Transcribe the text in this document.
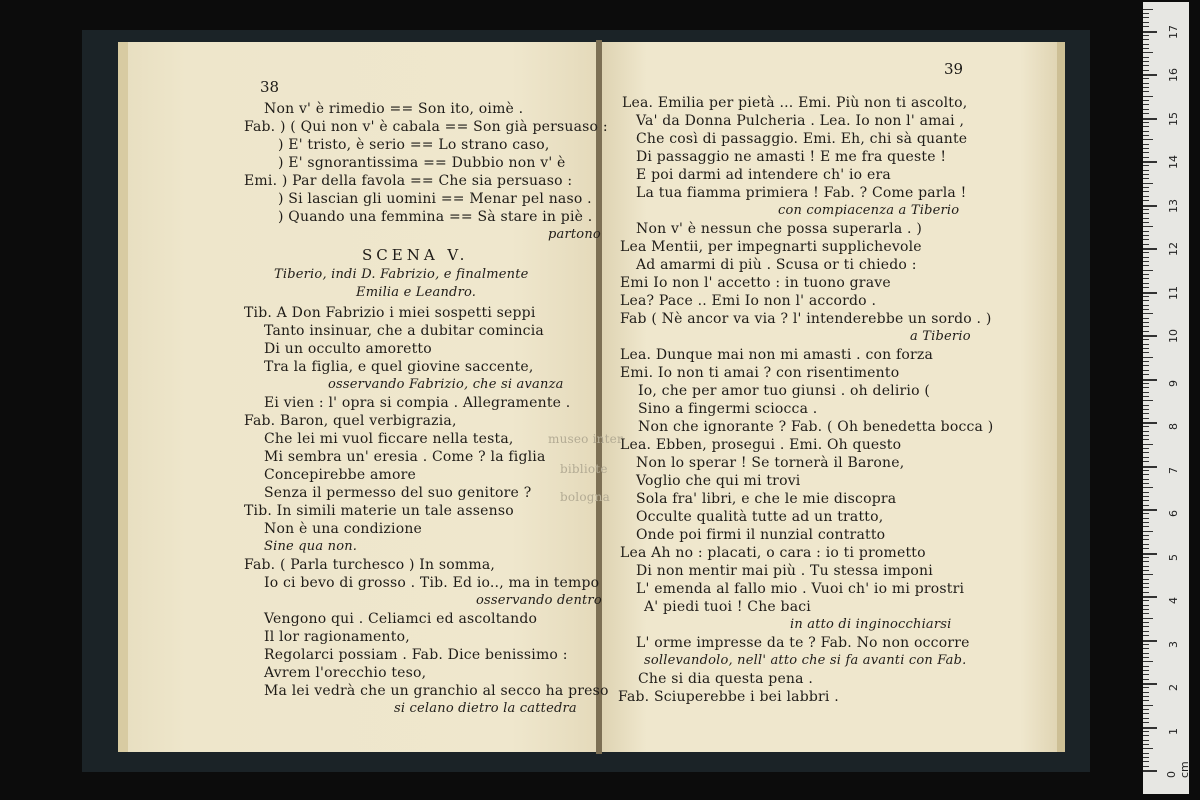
38
39
Non v' è rimedio == Son ito, oimè .
Fab. ) ( Qui non v' è cabala == Son già persuaso :
) E' tristo, è serio == Lo strano caso,
) E' sgnorantissima == Dubbio non v' è
Emi. ) Par della favola == Che sia persuaso :
) Si lascian gli uomini == Menar pel naso .
) Quando una femmina == Sà stare in piè .
partono
SCENA V.
Tiberio, indi D. Fabrizio, e finalmente
Emilia e Leandro.
Tib. A Don Fabrizio i miei sospetti seppi
Tanto insinuar, che a dubitar comincia
Di un occulto amoretto
Tra la figlia, e quel giovine saccente,
osservando Fabrizio, che si avanza
Ei vien : l' opra si compia . Allegramente .
Fab. Baron, quel verbigrazia,
Che lei mi vuol ficcare nella testa,
Mi sembra un' eresia . Come ? la figlia
Concepirebbe amore
Senza il permesso del suo genitore ?
Tib. In simili materie un tale assenso
Non è una condizione
Sine qua non.
Fab. ( Parla turchesco ) In somma,
Io ci bevo di grosso . Tib. Ed io.., ma in tempo
osservando dentro
Vengono qui . Celiamci ed ascoltando
Il lor ragionamento,
Regolarci possiam . Fab. Dice benissimo :
Avrem l'orecchio teso,
Ma lei vedrà che un granchio al secco ha preso
si celano dietro la cattedra
Lea. Emilia per pietà ... Emi. Più non ti ascolto,
Va' da Donna Pulcheria . Lea. Io non l' amai ,
Che così di passaggio. Emi. Eh, chi sà quante
Di passaggio ne amasti ! E me fra queste !
E poi darmi ad intendere ch' io era
La tua fiamma primiera ! Fab. ? Come parla !
con compiacenza a Tiberio
Non v' è nessun che possa superarla . )
Lea Mentii, per impegnarti supplichevole
Ad amarmi di più . Scusa or ti chiedo :
Emi Io non l' accetto : in tuono grave
Lea? Pace .. Emi Io non l' accordo .
Fab ( Nè ancor va via ? l' intenderebbe un sordo . )
a Tiberio
Lea. Dunque mai non mi amasti . con forza
Emi. Io non ti amai ? con risentimento
Io, che per amor tuo giunsi . oh delirio (
Sino a fingermi sciocca .
Non che ignorante ? Fab. ( Oh benedetta bocca )
Lea. Ebben, prosegui . Emi. Oh questo
Non lo sperar ! Se tornerà il Barone,
Voglio che qui mi trovi
Sola fra' libri, e che le mie discopra
Occulte qualità tutte ad un tratto,
Onde poi firmi il nunzial contratto
Lea Ah no : placati, o cara : io ti prometto
Di non mentir mai più . Tu stessa imponi
L' emenda al fallo mio . Vuoi ch' io mi prostri
A' piedi tuoi ! Che baci
in atto di inginocchiarsi
L' orme impresse da te ? Fab. No non occorre
sollevandolo, nell' atto che si fa avanti con Fab.
Che si dia questa pena .
Fab. Sciuperebbe i bei labbri .
museo inter
bibliote
bologna
0 cm
1
2
3
4
5
6
7
8
9
10
11
12
13
14
15
16
17
